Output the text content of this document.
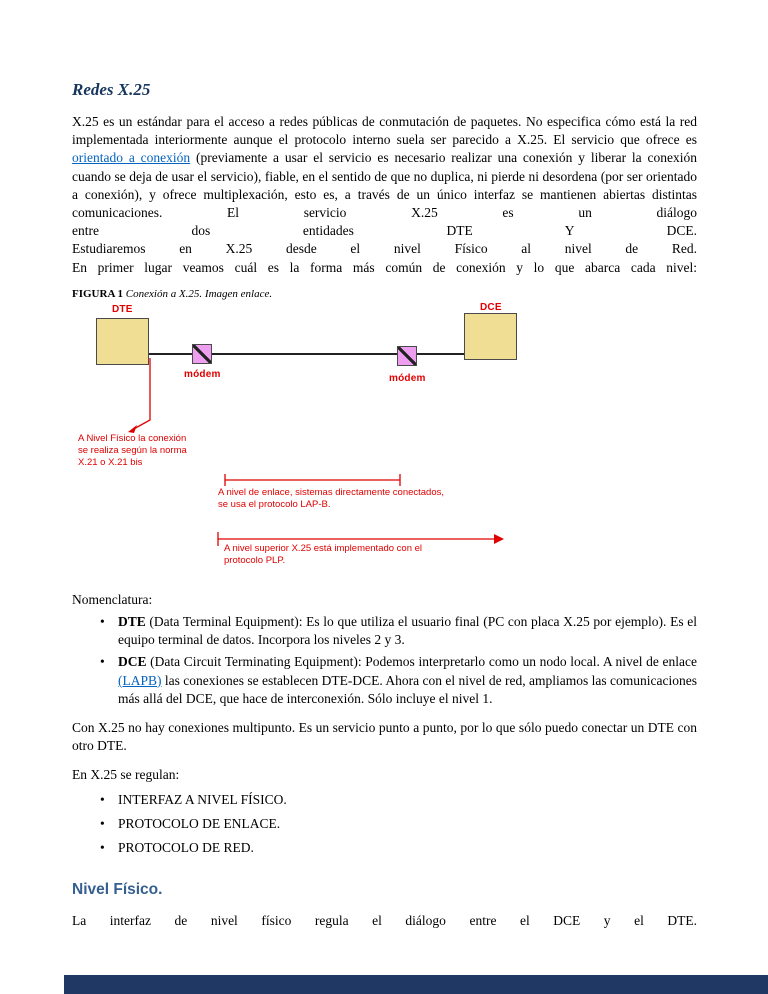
Redes X.25

X.25 es un estándar para el acceso a redes públicas de conmutación de paquetes. No especifica cómo está la red implementada interiormente aunque el protocolo interno suela ser parecido a X.25. El servicio que ofrece es orientado a conexión (previamente a usar el servicio es necesario realizar una conexión y liberar la conexión cuando se deja de usar el servicio), fiable, en el sentido de que no duplica, ni pierde ni desordena (por ser orientado a conexión), y ofrece multiplexación, esto es, a través de un único interfaz se mantienen abiertas distintas comunicaciones. El servicio X.25 es un diálogo

entre dos entidades DTE Y DCE.
Estudiaremos en X.25 desde el nivel Físico al nivel de Red.
En primer lugar veamos cuál es la forma más común de conexión y lo que abarca cada nivel:
FIGURA 1 Conexión a X.25. Imagen enlace.
DTE	DCE
módem	módem
A Nivel Físico la conexión
se realiza según la norma
X.21 o X.21 bis
A nivel de enlace, sistemas directamente conectados,
se usa el protocolo LAP-B.
A nivel superior X.25 está implementado con el
protocolo PLP.

Nomenclatura:

• DTE (Data Terminal Equipment): Es lo que utiliza el usuario final (PC con placa X.25 por ejemplo). Es el equipo terminal de datos. Incorpora los niveles 2 y 3.
• DCE (Data Circuit Terminating Equipment): Podemos interpretarlo como un nodo local. A nivel de enlace (LAPB) las conexiones se establecen DTE-DCE. Ahora con el nivel de red, ampliamos las comunicaciones más allá del DCE, que hace de interconexión. Sólo incluye el nivel 1.

Con X.25 no hay conexiones multipunto. Es un servicio punto a punto, por lo que sólo puedo conectar un DTE con otro DTE.

En X.25 se regulan:

• INTERFAZ A NIVEL FÍSICO.
• PROTOCOLO DE ENLACE.
• PROTOCOLO DE RED.
Nivel Físico.
La interfaz de nivel físico regula el diálogo entre el DCE y el DTE.
